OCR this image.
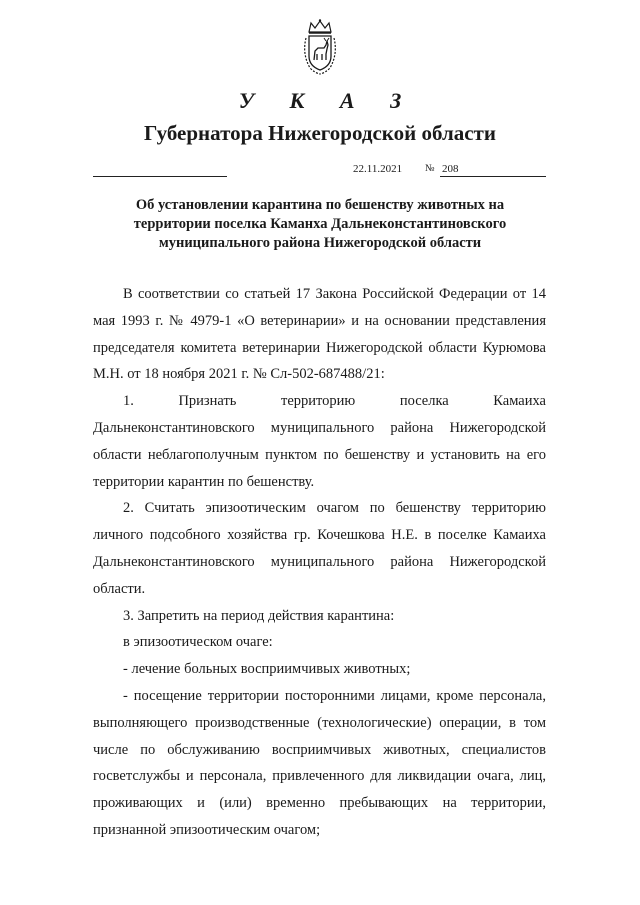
У К А З
Губернатора Нижегородской области
22.11.2021 № 208
Об установлении карантина по бешенству животных на территории поселка Каманха Дальнеконстантиновского муниципального района Нижегородской области

В соответствии со статьей 17 Закона Российской Федерации от 14 мая 1993 г. № 4979-1 «О ветеринарии» и на основании представления председателя комитета ветеринарии Нижегородской области Курюмова М.Н. от 18 ноября 2021 г. № Сл-502-687488/21:

1. Признать территорию поселка Камаиха Дальнеконстантиновского муниципального района Нижегородской области неблагополучным пунктом по бешенству и установить на его территории карантин по бешенству.

2. Считать эпизоотическим очагом по бешенству территорию личного подсобного хозяйства гр. Кочешкова Н.Е. в поселке Камаиха Дальнеконстантиновского муниципального района Нижегородской области.

3. Запретить на период действия карантина:

в эпизоотическом очаге:

- лечение больных восприимчивых животных;

- посещение территории посторонними лицами, кроме персонала, выполняющего производственные (технологические) операции, в том числе по обслуживанию восприимчивых животных, специалистов госветслужбы и персонала, привлеченного для ликвидации очага, лиц, проживающих и (или) временно пребывающих на территории, признанной эпизоотическим очагом;
